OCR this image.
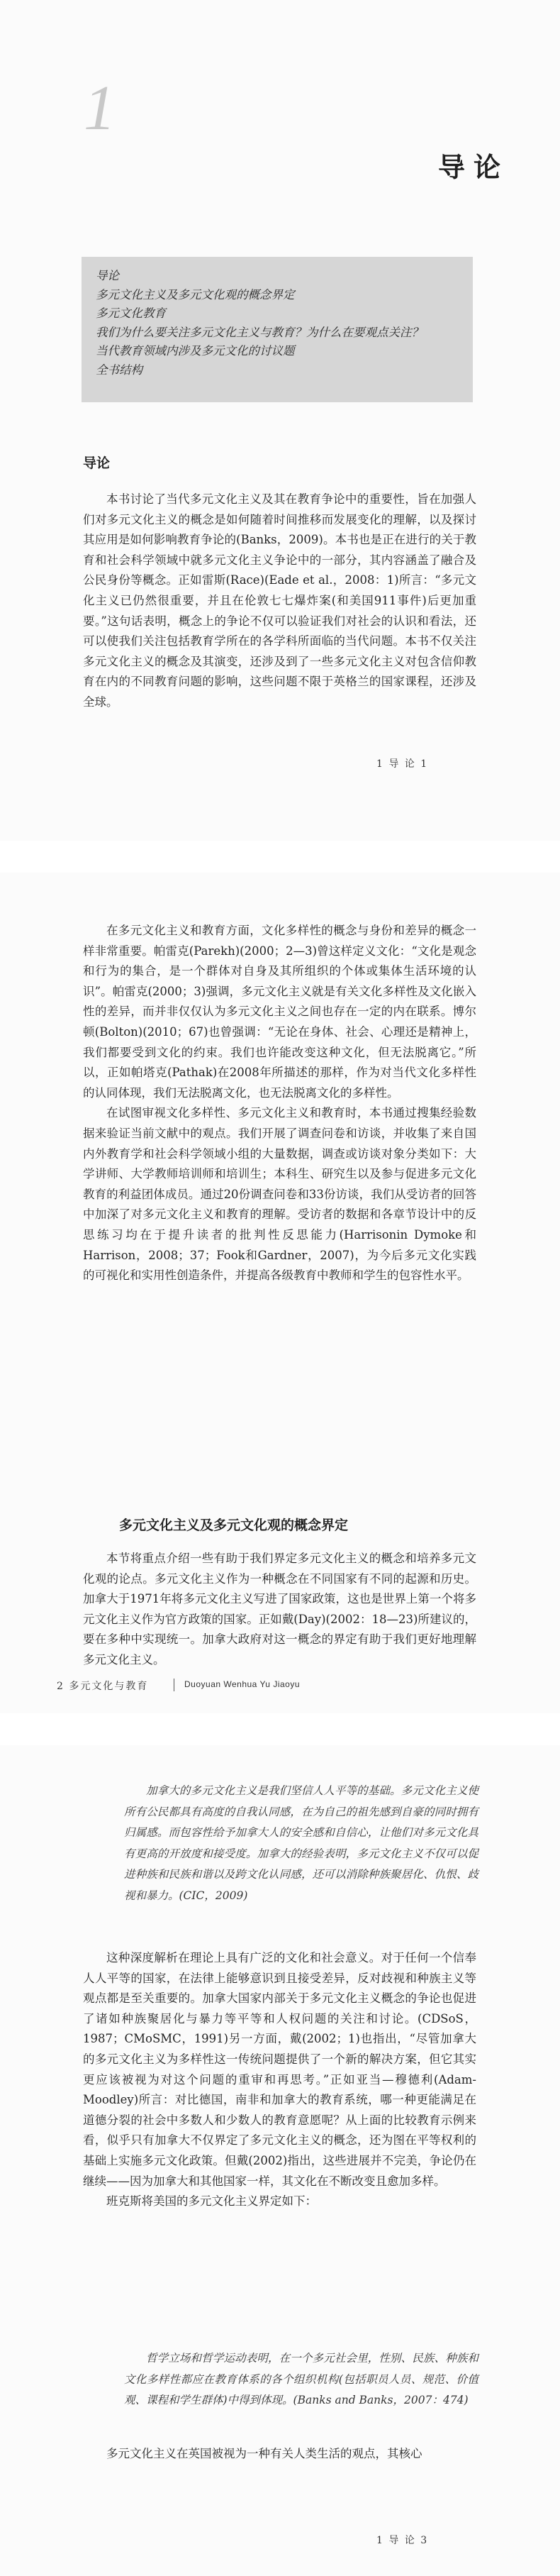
1
导论
导论
多元文化主义及多元文化观的概念界定
多元文化教育
我们为什么要关注多元文化主义与教育？为什么在要观点关注？
当代教育领域内涉及多元文化的讨议题
全书结构
导论

本书讨论了当代多元文化主义及其在教育争论中的重要性，旨在加强人们对多元文化主义的概念是如何随着时间推移而发展变化的理解，以及探讨其应用是如何影响教育争论的(Banks，2009)。本书也是正在进行的关于教育和社会科学领域中就多元文化主义争论中的一部分，其内容涵盖了融合及公民身份等概念。正如雷斯(Race)(Eade et al.，2008：1)所言：“多元文化主义已仍然很重要，并且在伦敦七七爆炸案(和美国911事件)后更加重要。”这句话表明，概念上的争论不仅可以验证我们对社会的认识和看法，还可以使我们关注包括教育学所在的各学科所面临的当代问题。本书不仅关注多元文化主义的概念及其演变，还涉及到了一些多元文化主义对包含信仰教育在内的不同教育问题的影响，这些问题不限于英格兰的国家课程，还涉及全球。

1 导 论 1

在多元文化主义和教育方面，文化多样性的概念与身份和差异的概念一样非常重要。帕雷克(Parekh)(2000；2—3)曾这样定义文化：“文化是观念和行为的集合，是一个群体对自身及其所组织的个体或集体生活环境的认识”。帕雷克(2000；3)强调，多元文化主义就是有关文化多样性及文化嵌入性的差异，而并非仅仅认为多元文化主义之间也存在一定的内在联系。博尔顿(Bolton)(2010；67)也曾强调：“无论在身体、社会、心理还是精神上，我们都要受到文化的约束。我们也许能改变这种文化，但无法脱离它。”所以，正如帕塔克(Pathak)在2008年所描述的那样，作为对当代文化多样性的认同体现，我们无法脱离文化，也无法脱离文化的多样性。

在试图审视文化多样性、多元文化主义和教育时，本书通过搜集经验数据来验证当前文献中的观点。我们开展了调查问卷和访谈，并收集了来自国内外教育学和社会科学领域小组的大量数据，调查或访谈对象分类如下：大学讲师、大学教师培训师和培训生；本科生、研究生以及参与促进多元文化教育的利益团体成员。通过20份调查问卷和33份访谈，我们从受访者的回答中加深了对多元文化主义和教育的理解。受访者的数据和各章节设计中的反思练习均在于提升读者的批判性反思能力(Harrisonin Dymoke和Harrison，2008；37；Fook和Gardner，2007)，为今后多元文化实践的可视化和实用性创造条件，并提高各级教育中教师和学生的包容性水平。

多元文化主义及多元文化观的概念界定

本节将重点介绍一些有助于我们界定多元文化主义的概念和培养多元文化观的论点。多元文化主义作为一种概念在不同国家有不同的起源和历史。加拿大于1971年将多元文化主义写进了国家政策，这也是世界上第一个将多元文化主义作为官方政策的国家。正如戴(Day)(2002：18—23)所建议的，要在多种中实现统一。加拿大政府对这一概念的界定有助于我们更好地理解多元文化主义。

2 多元文化与教育	Duoyuan Wenhua Yu Jiaoyu

加拿大的多元文化主义是我们坚信人人平等的基础。多元文化主义使所有公民都具有高度的自我认同感，在为自己的祖先感到自豪的同时拥有归属感。而包容性给予加拿大人的安全感和自信心，让他们对多元文化具有更高的开放度和接受度。加拿大的经验表明，多元文化主义不仅可以促进种族和民族和谐以及跨文化认同感，还可以消除种族聚居化、仇恨、歧视和暴力。(CIC，2009)

这种深度解析在理论上具有广泛的文化和社会意义。对于任何一个信奉人人平等的国家，在法律上能够意识到且接受差异，反对歧视和种族主义等观点都是至关重要的。加拿大国家内部关于多元文化主义概念的争论也促进了诸如种族聚居化与暴力等平等和人权问题的关注和讨论。(CDSoS，1987；CMoSMC，1991)另一方面，戴(2002；1)也指出，“尽管加拿大的多元文化主义为多样性这一传统问题提供了一个新的解决方案，但它其实更应该被视为对这个问题的重审和再思考。”正如亚当—穆德利(Adam-Moodley)所言：对比德国，南非和加拿大的教育系统，哪一种更能满足在道德分裂的社会中多数人和少数人的教育意愿呢？从上面的比较教育示例来看，似乎只有加拿大不仅界定了多元文化主义的概念，还为图在平等权利的基础上实施多元文化政策。但戴(2002)指出，这些进展并不完美，争论仍在继续——因为加拿大和其他国家一样，其文化在不断改变且愈加多样。

班克斯将美国的多元文化主义界定如下：

哲学立场和哲学运动表明，在一个多元社会里，性别、民族、种族和文化多样性都应在教育体系的各个组织机构(包括职员人员、规范、价值观、课程和学生群体)中得到体现。(Banks and Banks，2007：474)

多元文化主义在英国被视为一种有关人类生活的观点，其核心

1 导 论 3
